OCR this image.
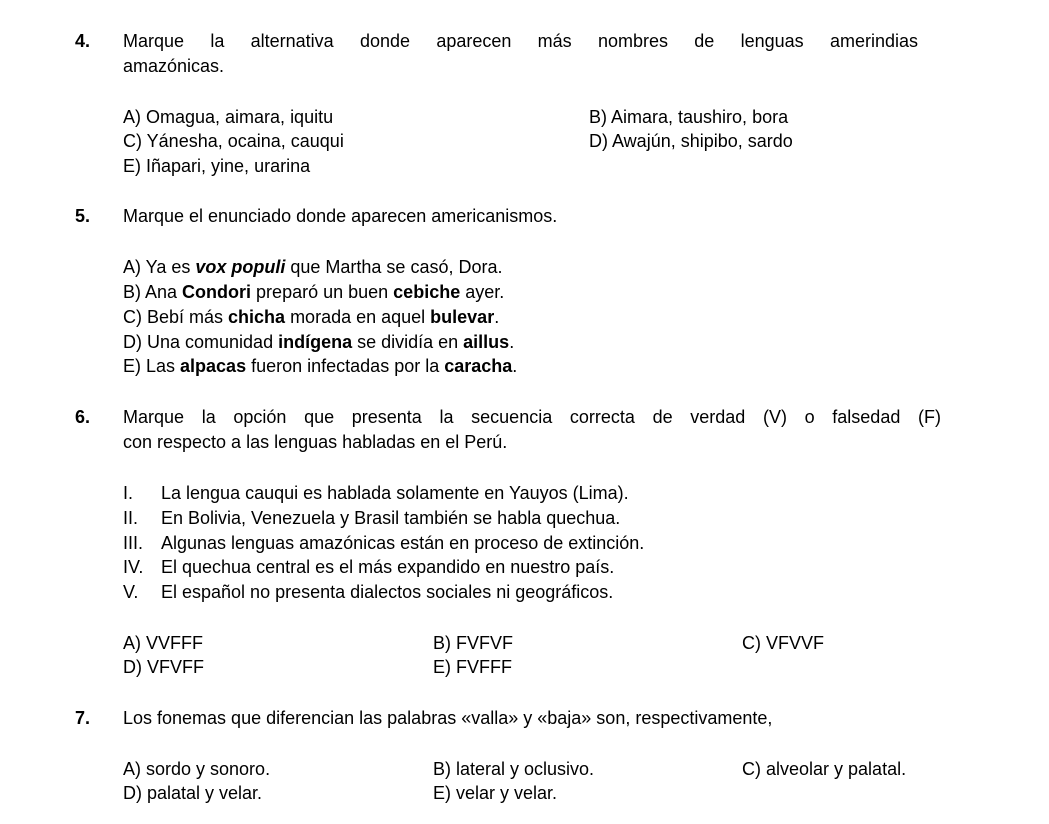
4. Marque la alternativa donde aparecen más nombres de lenguas amerindias
amazónicas.
A) Omagua, aimara, iquitu	B) Aimara, taushiro, bora
C) Yánesha, ocaina, cauqui	D) Awajún, shipibo, sardo
E) Iñapari, yine, urarina
5. Marque el enunciado donde aparecen americanismos.
A) Ya es vox populi que Martha se casó, Dora.
B) Ana Condori preparó un buen cebiche ayer.
C) Bebí más chicha morada en aquel bulevar.
D) Una comunidad indígena se dividía en aillus.
E) Las alpacas fueron infectadas por la caracha.
6. Marque la opción que presenta la secuencia correcta de verdad (V) o falsedad (F)
con respecto a las lenguas habladas en el Perú.
I. La lengua cauqui es hablada solamente en Yauyos (Lima).
II. En Bolivia, Venezuela y Brasil también se habla quechua.
III. Algunas lenguas amazónicas están en proceso de extinción.
IV. El quechua central es el más expandido en nuestro país.
V. El español no presenta dialectos sociales ni geográficos.
A) VVFFF	B) FVFVF	C) VFVVF
D) VFVFF	E) FVFFF
7. Los fonemas que diferencian las palabras «valla» y «baja» son, respectivamente,
A) sordo y sonoro.	B) lateral y oclusivo.	C) alveolar y palatal.
D) palatal y velar.	E) velar y velar.
